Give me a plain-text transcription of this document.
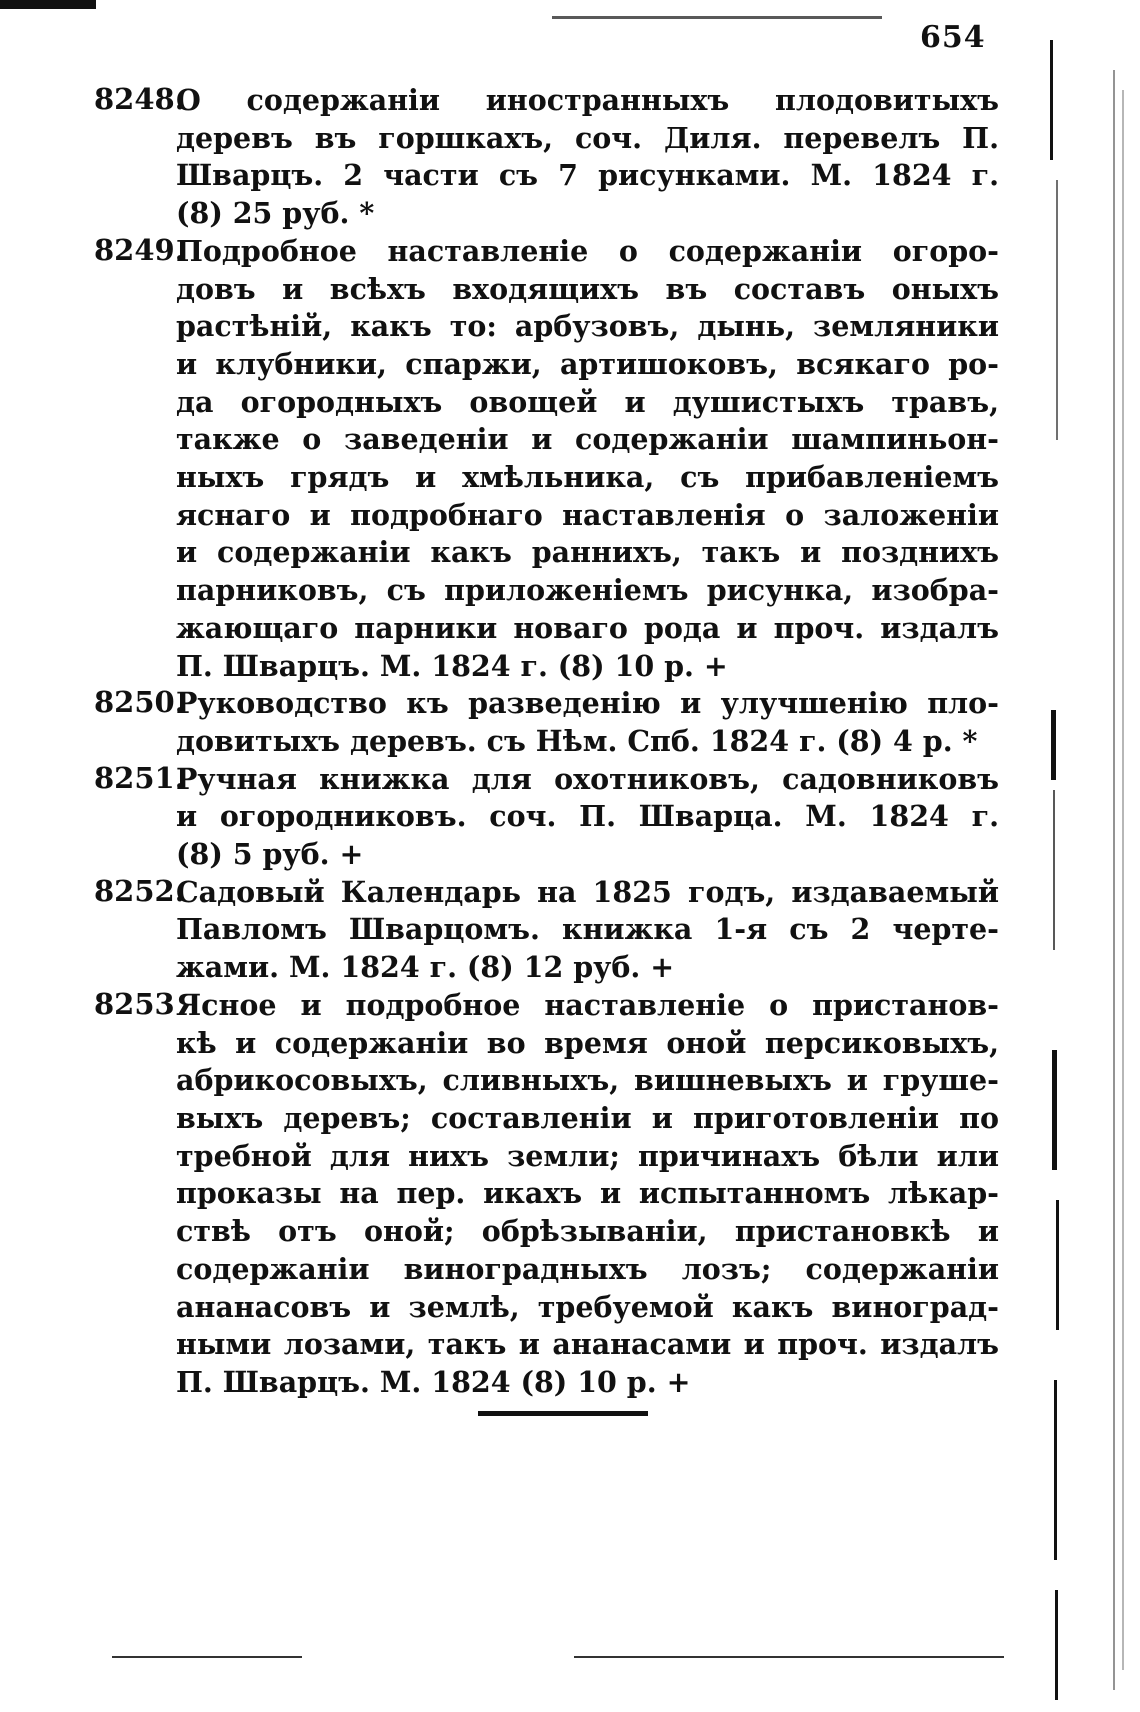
654
8248.
О содержаніи иностранныхъ плодовитыхъ
деревъ въ горшкахъ, соч. Диля. перевелъ П.
Шварцъ. 2 части съ 7 рисунками. М. 1824 г.
(8) 25 руб. *
8249.
Подробное наставленіе о содержаніи огоро-
довъ и всѣхъ входящихъ въ составъ оныхъ
растѣній, какъ то: арбузовъ, дынь, земляники
и клубники, спаржи, артишоковъ, всякаго ро-
да огородныхъ овощей и душистыхъ травъ,
также о заведеніи и содержаніи шампиньон-
ныхъ грядъ и хмѣльника, съ прибавленіемъ
яснаго и подробнаго наставленія о заложеніи
и содержаніи какъ раннихъ, такъ и позднихъ
парниковъ, съ приложеніемъ рисунка, изобра-
жающаго парники новаго рода и проч. издалъ
П. Шварцъ. М. 1824 г. (8) 10 р. +
8250.
Руководство къ разведенію и улучшенію пло-
довитыхъ деревъ. съ Нѣм. Спб. 1824 г. (8) 4 р. *
8251.
Ручная книжка для охотниковъ, садовниковъ
и огородниковъ. соч. П. Шварца. М. 1824 г.
(8) 5 руб. +
8252.
Садовый Календарь на 1825 годъ, издаваемый
Павломъ Шварцомъ. книжка 1-я съ 2 черте-
жами. М. 1824 г. (8) 12 руб. +
8253 Ясное и подробное наставленіе о пристанов-
кѣ и содержаніи во время оной персиковыхъ,
абрикосовыхъ, сливныхъ, вишневыхъ и груше-
выхъ деревъ; составленіи и приготовленіи по
требной для нихъ земли; причинахъ бѣли или
проказы на пер. икахъ и испытанномъ лѣкар-
ствѣ отъ оной; обрѣзываніи, пристановкѣ и
содержаніи виноградныхъ лозъ; содержаніи
ананасовъ и землѣ, требуемой какъ винoград-
ными лозами, такъ и ананасами и проч. издалъ
П. Шварцъ. М. 1824 (8) 10 р. +
